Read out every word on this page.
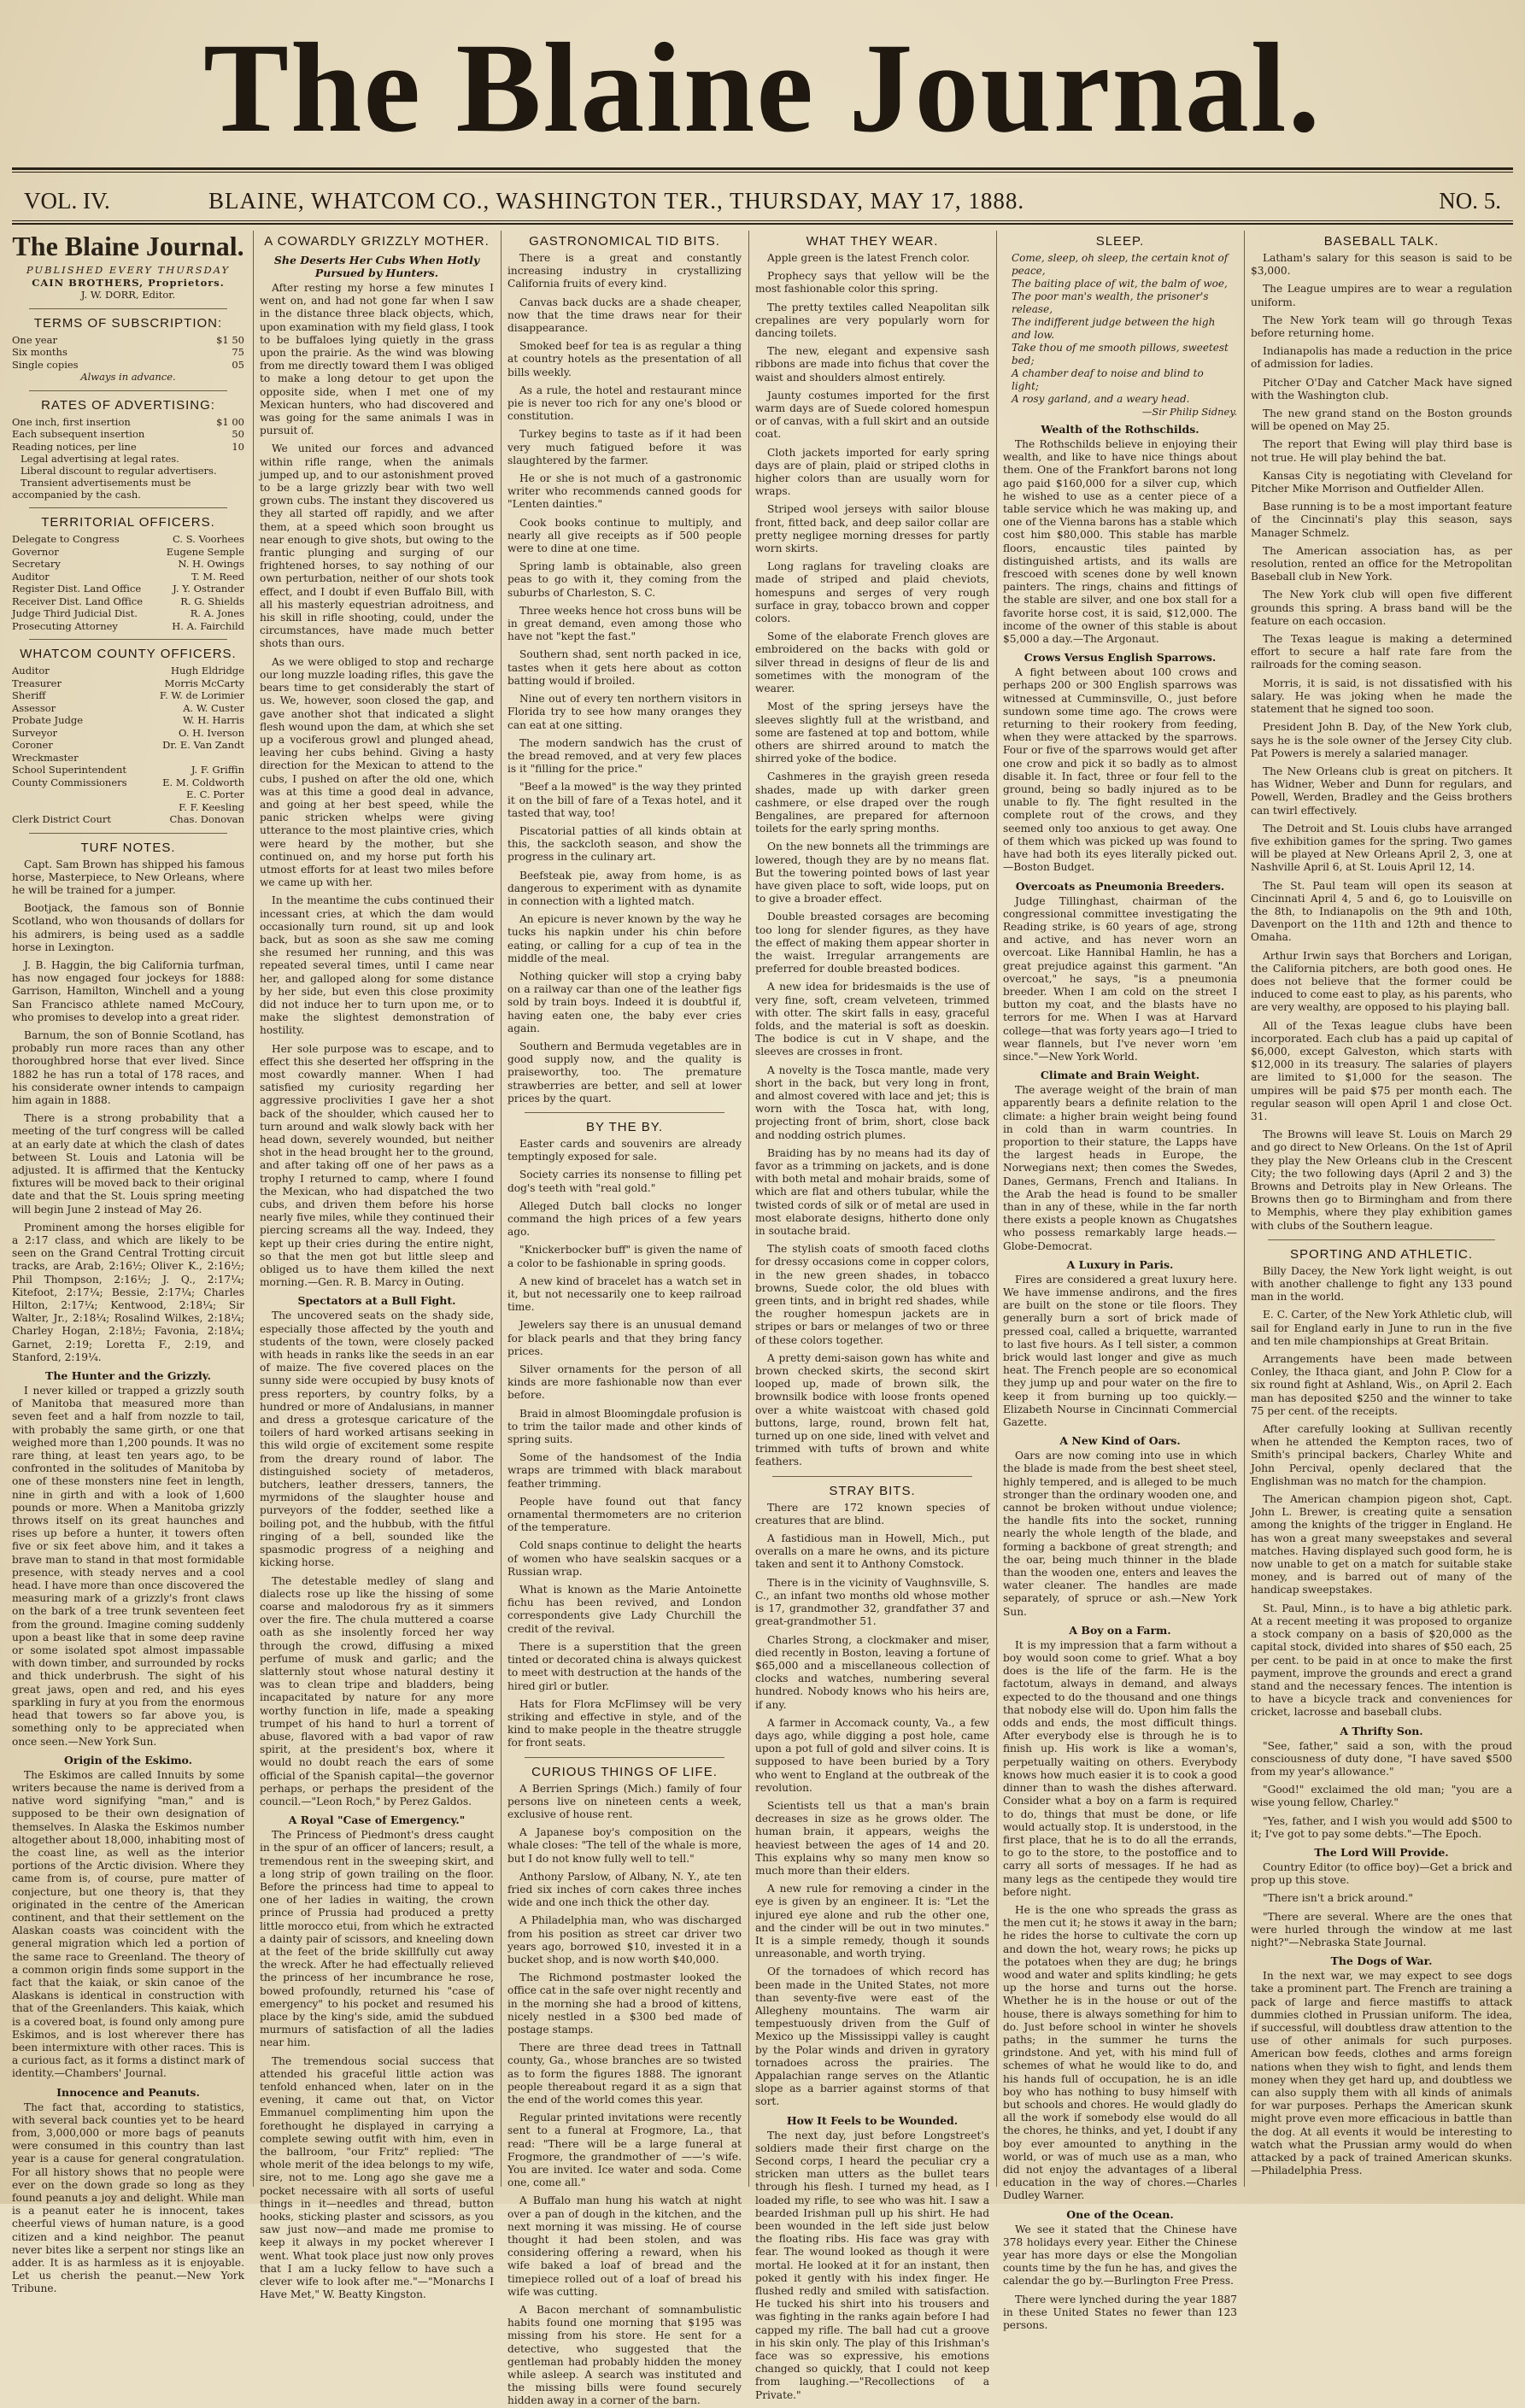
The Blaine Journal.
VOL. IV.	BLAINE, WHATCOM CO., WASHINGTON TER., THURSDAY, MAY 17, 1888.	NO. 5.
The Blaine Journal.
PUBLISHED EVERY THURSDAY
CAIN BROTHERS, Proprietors.
J. W. DORR, Editor.
TERMS OF SUBSCRIPTION:
One year	$1 50
Six months	75
Single copies	05
Always in advance.
RATES OF ADVERTISING:
One inch, first insertion	$1 00
Each subsequent insertion	50
Reading notices, per line	10
Legal advertising at legal rates.
Liberal discount to regular advertisers.
Transient advertisements must be accompanied by the cash.
TERRITORIAL OFFICERS.
Delegate to Congress	C. S. Voorhees
Governor	Eugene Semple
Secretary	N. H. Owings
Auditor	T. M. Reed
Register Dist. Land Office	J. Y. Ostrander
Receiver Dist. Land Office	R. G. Shields
Judge Third Judicial Dist.	R. A. Jones
Prosecuting Attorney	H. A. Fairchild
WHATCOM COUNTY OFFICERS.
Auditor	Hugh Eldridge
Treasurer	Morris McCarty
Sheriff	F. W. de Lorimier
Assessor	A. W. Custer
Probate Judge	W. H. Harris
Surveyor	O. H. Iverson
Coroner	Dr. E. Van Zandt
Wreckmaster
School Superintendent	J. F. Griffin
County Commissioners	E. M. Coldworth
E. C. Porter
F. F. Keesling
Clerk District Court	Chas. Donovan
TURF NOTES.

Capt. Sam Brown has shipped his famous horse, Masterpiece, to New Orleans, where he will be trained for a jumper.

Bootjack, the famous son of Bonnie Scotland, who won thousands of dollars for his admirers, is being used as a saddle horse in Lexington.

J. B. Haggin, the big California turfman, has now engaged four jockeys for 1888: Garrison, Hamilton, Winchell and a young San Francisco athlete named McCoury, who promises to develop into a great rider.

Barnum, the son of Bonnie Scotland, has probably run more races than any other thoroughbred horse that ever lived. Since 1882 he has run a total of 178 races, and his considerate owner intends to campaign him again in 1888.

There is a strong probability that a meeting of the turf congress will be called at an early date at which the clash of dates between St. Louis and Latonia will be adjusted. It is affirmed that the Kentucky fixtures will be moved back to their original date and that the St. Louis spring meeting will begin June 2 instead of May 26.

Prominent among the horses eligible for a 2:17 class, and which are likely to be seen on the Grand Central Trotting circuit tracks, are Arab, 2:16½; Oliver K., 2:16½; Phil Thompson, 2:16½; J. Q., 2:17¼; Kitefoot, 2:17¼; Bessie, 2:17¼; Charles Hilton, 2:17¼; Kentwood, 2:18¼; Sir Walter, Jr., 2:18¼; Rosalind Wilkes, 2:18¼; Charley Hogan, 2:18½; Favonia, 2:18¼; Garnet, 2:19; Loretta F., 2:19, and Stanford, 2:19¼.

The Hunter and the Grizzly.

I never killed or trapped a grizzly south of Manitoba that measured more than seven feet and a half from nozzle to tail, with probably the same girth, or one that weighed more than 1,200 pounds. It was no rare thing, at least ten years ago, to be confronted in the solitudes of Manitoba by one of these monsters nine feet in length, nine in girth and with a look of 1,600 pounds or more. When a Manitoba grizzly throws itself on its great haunches and rises up before a hunter, it towers often five or six feet above him, and it takes a brave man to stand in that most formidable presence, with steady nerves and a cool head. I have more than once discovered the measuring mark of a grizzly's front claws on the bark of a tree trunk seventeen feet from the ground. Imagine coming suddenly upon a beast like that in some deep ravine or some isolated spot almost impassable with down timber, and surrounded by rocks and thick underbrush. The sight of his great jaws, open and red, and his eyes sparkling in fury at you from the enormous head that towers so far above you, is something only to be appreciated when once seen.—New York Sun.

Origin of the Eskimo.

The Eskimos are called Innuits by some writers because the name is derived from a native word signifying "man," and is supposed to be their own designation of themselves. In Alaska the Eskimos number altogether about 18,000, inhabiting most of the coast line, as well as the interior portions of the Arctic division. Where they came from is, of course, pure matter of conjecture, but one theory is, that they originated in the centre of the American continent, and that their settlement on the Alaskan coasts was coincident with the general migration which led a portion of the same race to Greenland. The theory of a common origin finds some support in the fact that the kaiak, or skin canoe of the Alaskans is identical in construction with that of the Greenlanders. This kaiak, which is a covered boat, is found only among pure Eskimos, and is lost wherever there has been intermixture with other races. This is a curious fact, as it forms a distinct mark of identity.—Chambers' Journal.

Innocence and Peanuts.

The fact that, according to statistics, with several back counties yet to be heard from, 3,000,000 or more bags of peanuts were consumed in this country than last year is a cause for general congratulation. For all history shows that no people were ever on the down grade so long as they found peanuts a joy and delight. While man is a peanut eater he is innocent, takes cheerful views of human nature, is a good citizen and a kind neighbor. The peanut never bites like a serpent nor stings like an adder. It is as harmless as it is enjoyable. Let us cherish the peanut.—New York Tribune.

A COWARDLY GRIZZLY MOTHER.
She Deserts Her Cubs When Hotly Pursued by Hunters.

After resting my horse a few minutes I went on, and had not gone far when I saw in the distance three black objects, which, upon examination with my field glass, I took to be buffaloes lying quietly in the grass upon the prairie. As the wind was blowing from me directly toward them I was obliged to make a long detour to get upon the opposite side, when I met one of my Mexican hunters, who had discovered and was going for the same animals I was in pursuit of.

We united our forces and advanced within rifle range, when the animals jumped up, and to our astonishment proved to be a large grizzly bear with two well grown cubs. The instant they discovered us they all started off rapidly, and we after them, at a speed which soon brought us near enough to give shots, but owing to the frantic plunging and surging of our frightened horses, to say nothing of our own perturbation, neither of our shots took effect, and I doubt if even Buffalo Bill, with all his masterly equestrian adroitness, and his skill in rifle shooting, could, under the circumstances, have made much better shots than ours.

As we were obliged to stop and recharge our long muzzle loading rifles, this gave the bears time to get considerably the start of us. We, however, soon closed the gap, and gave another shot that indicated a slight flesh wound upon the dam, at which she set up a vociferous growl and plunged ahead, leaving her cubs behind. Giving a hasty direction for the Mexican to attend to the cubs, I pushed on after the old one, which was at this time a good deal in advance, and going at her best speed, while the panic stricken whelps were giving utterance to the most plaintive cries, which were heard by the mother, but she continued on, and my horse put forth his utmost efforts for at least two miles before we came up with her.

In the meantime the cubs continued their incessant cries, at which the dam would occasionally turn round, sit up and look back, but as soon as she saw me coming she resumed her running, and this was repeated several times, until I came near her, and galloped along for some distance by her side, but even this close proximity did not induce her to turn upon me, or to make the slightest demonstration of hostility.

Her sole purpose was to escape, and to effect this she deserted her offspring in the most cowardly manner. When I had satisfied my curiosity regarding her aggressive proclivities I gave her a shot back of the shoulder, which caused her to turn around and walk slowly back with her head down, severely wounded, but neither shot in the head brought her to the ground, and after taking off one of her paws as a trophy I returned to camp, where I found the Mexican, who had dispatched the two cubs, and driven them before his horse nearly five miles, while they continued their piercing screams all the way. Indeed, they kept up their cries during the entire night, so that the men got but little sleep and obliged us to have them killed the next morning.—Gen. R. B. Marcy in Outing.

Spectators at a Bull Fight.

The uncovered seats on the shady side, especially those affected by the youth and students of the town, were closely packed with heads in ranks like the seeds in an ear of maize. The five covered places on the sunny side were occupied by busy knots of press reporters, by country folks, by a hundred or more of Andalusians, in manner and dress a grotesque caricature of the toilers of hard worked artisans seeking in this wild orgie of excitement some respite from the dreary round of labor. The distinguished society of metaderos, butchers, leather dressers, tanners, the myrmidons of the slaughter house and purveyors of the fodder, seethed like a boiling pot, and the hubbub, with the fitful ringing of a bell, sounded like the spasmodic progress of a neighing and kicking horse.

The detestable medley of slang and dialects rose up like the hissing of some coarse and malodorous fry as it simmers over the fire. The chula muttered a coarse oath as she insolently forced her way through the crowd, diffusing a mixed perfume of musk and garlic; and the slatternly stout whose natural destiny it was to clean tripe and bladders, being incapacitated by nature for any more worthy function in life, made a speaking trumpet of his hand to hurl a torrent of abuse, flavored with a bad vapor of raw spirit, at the president's box, where it would no doubt reach the ears of some official of the Spanish capital—the governor perhaps, or perhaps the president of the council.—"Leon Roch," by Perez Galdos.

A Royal "Case of Emergency."

The Princess of Piedmont's dress caught in the spur of an officer of lancers; result, a tremendous rent in the sweeping skirt, and a long strip of gown trailing on the floor. Before the princess had time to appeal to one of her ladies in waiting, the crown prince of Prussia had produced a pretty little morocco etui, from which he extracted a dainty pair of scissors, and kneeling down at the feet of the bride skillfully cut away the wreck. After he had effectually relieved the princess of her incumbrance he rose, bowed profoundly, returned his "case of emergency" to his pocket and resumed his place by the king's side, amid the subdued murmurs of satisfaction of all the ladies near him.

The tremendous social success that attended his graceful little action was tenfold enhanced when, later on in the evening, it came out that, on Victor Emmanuel complimenting him upon the forethought he displayed in carrying a complete sewing outfit with him, even in the ballroom, "our Fritz" replied: "The whole merit of the idea belongs to my wife, sire, not to me. Long ago she gave me a pocket necessaire with all sorts of useful things in it—needles and thread, button hooks, sticking plaster and scissors, as you saw just now—and made me promise to keep it always in my pocket wherever I went. What took place just now only proves that I am a lucky fellow to have such a clever wife to look after me."—"Monarchs I Have Met," W. Beatty Kingston.

GASTRONOMICAL TID BITS.

There is a great and constantly increasing industry in crystallizing California fruits of every kind.

Canvas back ducks are a shade cheaper, now that the time draws near for their disappearance.

Smoked beef for tea is as regular a thing at country hotels as the presentation of all bills weekly.

As a rule, the hotel and restaurant mince pie is never too rich for any one's blood or constitution.

Turkey begins to taste as if it had been very much fatigued before it was slaughtered by the farmer.

He or she is not much of a gastronomic writer who recommends canned goods for "Lenten dainties."

Cook books continue to multiply, and nearly all give receipts as if 500 people were to dine at one time.

Spring lamb is obtainable, also green peas to go with it, they coming from the suburbs of Charleston, S. C.

Three weeks hence hot cross buns will be in great demand, even among those who have not "kept the fast."

Southern shad, sent north packed in ice, tastes when it gets here about as cotton batting would if broiled.

Nine out of every ten northern visitors in Florida try to see how many oranges they can eat at one sitting.

The modern sandwich has the crust of the bread removed, and at very few places is it "filling for the price."

"Beef a la mowed" is the way they printed it on the bill of fare of a Texas hotel, and it tasted that way, too!

Piscatorial patties of all kinds obtain at this, the sackcloth season, and show the progress in the culinary art.

Beefsteak pie, away from home, is as dangerous to experiment with as dynamite in connection with a lighted match.

An epicure is never known by the way he tucks his napkin under his chin before eating, or calling for a cup of tea in the middle of the meal.

Nothing quicker will stop a crying baby on a railway car than one of the leather figs sold by train boys. Indeed it is doubtful if, having eaten one, the baby ever cries again.

Southern and Bermuda vegetables are in good supply now, and the quality is praiseworthy, too. The premature strawberries are better, and sell at lower prices by the quart.

BY THE BY.

Easter cards and souvenirs are already temptingly exposed for sale.

Society carries its nonsense to filling pet dog's teeth with "real gold."

Alleged Dutch ball clocks no longer command the high prices of a few years ago.

"Knickerbocker buff" is given the name of a color to be fashionable in spring goods.

A new kind of bracelet has a watch set in it, but not necessarily one to keep railroad time.

Jewelers say there is an unusual demand for black pearls and that they bring fancy prices.

Silver ornaments for the person of all kinds are more fashionable now than ever before.

Braid in almost Bloomingdale profusion is to trim the tailor made and other kinds of spring suits.

Some of the handsomest of the India wraps are trimmed with black marabout feather trimming.

People have found out that fancy ornamental thermometers are no criterion of the temperature.

Cold snaps continue to delight the hearts of women who have sealskin sacques or a Russian wrap.

What is known as the Marie Antoinette fichu has been revived, and London correspondents give Lady Churchill the credit of the revival.

There is a superstition that the green tinted or decorated china is always quickest to meet with destruction at the hands of the hired girl or butler.

Hats for Flora McFlimsey will be very striking and effective in style, and of the kind to make people in the theatre struggle for front seats.

CURIOUS THINGS OF LIFE.

A Berrien Springs (Mich.) family of four persons live on nineteen cents a week, exclusive of house rent.

A Japanese boy's composition on the whale closes: "The tell of the whale is more, but I do not know fully well to tell."

Anthony Parslow, of Albany, N. Y., ate ten fried six inches of corn cakes three inches wide and one inch thick the other day.

A Philadelphia man, who was discharged from his position as street car driver two years ago, borrowed $10, invested it in a bucket shop, and is now worth $40,000.

The Richmond postmaster looked the office cat in the safe over night recently and in the morning she had a brood of kittens, nicely nestled in a $300 bed made of postage stamps.

There are three dead trees in Tattnall county, Ga., whose branches are so twisted as to form the figures 1888. The ignorant people thereabout regard it as a sign that the end of the world comes this year.

Regular printed invitations were recently sent to a funeral at Frogmore, La., that read: "There will be a large funeral at Frogmore, the grandmother of ——'s wife. You are invited. Ice water and soda. Come one, come all."

A Buffalo man hung his watch at night over a pan of dough in the kitchen, and the next morning it was missing. He of course thought it had been stolen, and was considering offering a reward, when his wife baked a loaf of bread and the timepiece rolled out of a loaf of bread his wife was cutting.

A Bacon merchant of somnambulistic habits found one morning that $195 was missing from his store. He sent for a detective, who suggested that the gentleman had probably hidden the money while asleep. A search was instituted and the missing bills were found securely hidden away in a corner of the barn.

WHAT THEY WEAR.

Apple green is the latest French color.

Prophecy says that yellow will be the most fashionable color this spring.

The pretty textiles called Neapolitan silk crepalines are very popularly worn for dancing toilets.

The new, elegant and expensive sash ribbons are made into fichus that cover the waist and shoulders almost entirely.

Jaunty costumes imported for the first warm days are of Suede colored homespun or of canvas, with a full skirt and an outside coat.

Cloth jackets imported for early spring days are of plain, plaid or striped cloths in higher colors than are usually worn for wraps.

Striped wool jerseys with sailor blouse front, fitted back, and deep sailor collar are pretty negligee morning dresses for partly worn skirts.

Long raglans for traveling cloaks are made of striped and plaid cheviots, homespuns and serges of very rough surface in gray, tobacco brown and copper colors.

Some of the elaborate French gloves are embroidered on the backs with gold or silver thread in designs of fleur de lis and sometimes with the monogram of the wearer.

Most of the spring jerseys have the sleeves slightly full at the wristband, and some are fastened at top and bottom, while others are shirred around to match the shirred yoke of the bodice.

Cashmeres in the grayish green reseda shades, made up with darker green cashmere, or else draped over the rough Bengalines, are prepared for afternoon toilets for the early spring months.

On the new bonnets all the trimmings are lowered, though they are by no means flat. But the towering pointed bows of last year have given place to soft, wide loops, put on to give a broader effect.

Double breasted corsages are becoming too long for slender figures, as they have the effect of making them appear shorter in the waist. Irregular arrangements are preferred for double breasted bodices.

A new idea for bridesmaids is the use of very fine, soft, cream velveteen, trimmed with otter. The skirt falls in easy, graceful folds, and the material is soft as doeskin. The bodice is cut in V shape, and the sleeves are crosses in front.

A novelty is the Tosca mantle, made very short in the back, but very long in front, and almost covered with lace and jet; this is worn with the Tosca hat, with long, projecting front of brim, short, close back and nodding ostrich plumes.

Braiding has by no means had its day of favor as a trimming on jackets, and is done with both metal and mohair braids, some of which are flat and others tubular, while the twisted cords of silk or of metal are used in most elaborate designs, hitherto done only in soutache braid.

The stylish coats of smooth faced cloths for dressy occasions come in copper colors, in the new green shades, in tobacco browns, Suede color, the old blues with green tints, and in bright red shades, while the rougher homespun jackets are in stripes or bars or melanges of two or three of these colors together.

A pretty demi-saison gown has white and brown checked skirts, the second skirt looped up, made of brown silk, the brownsilk bodice with loose fronts opened over a white waistcoat with chased gold buttons, large, round, brown felt hat, turned up on one side, lined with velvet and trimmed with tufts of brown and white feathers.

STRAY BITS.

There are 172 known species of creatures that are blind.

A fastidious man in Howell, Mich., put overalls on a mare he owns, and its picture taken and sent it to Anthony Comstock.

There is in the vicinity of Vaughnsville, S. C., an infant two months old whose mother is 17, grandmother 32, grandfather 37 and great-grandmother 51.

Charles Strong, a clockmaker and miser, died recently in Boston, leaving a fortune of $65,000 and a miscellaneous collection of clocks and watches, numbering several hundred. Nobody knows who his heirs are, if any.

A farmer in Accomack county, Va., a few days ago, while digging a post hole, came upon a pot full of gold and silver coins. It is supposed to have been buried by a Tory who went to England at the outbreak of the revolution.

Scientists tell us that a man's brain decreases in size as he grows older. The human brain, it appears, weighs the heaviest between the ages of 14 and 20. This explains why so many men know so much more than their elders.

A new rule for removing a cinder in the eye is given by an engineer. It is: "Let the injured eye alone and rub the other one, and the cinder will be out in two minutes." It is a simple remedy, though it sounds unreasonable, and worth trying.

Of the tornadoes of which record has been made in the United States, not more than seventy-five were east of the Allegheny mountains. The warm air tempestuously driven from the Gulf of Mexico up the Mississippi valley is caught by the Polar winds and driven in gyratory tornadoes across the prairies. The Appalachian range serves on the Atlantic slope as a barrier against storms of that sort.

How It Feels to be Wounded.

The next day, just before Longstreet's soldiers made their first charge on the Second corps, I heard the peculiar cry a stricken man utters as the bullet tears through his flesh. I turned my head, as I loaded my rifle, to see who was hit. I saw a bearded Irishman pull up his shirt. He had been wounded in the left side just below the floating ribs. His face was gray with fear. The wound looked as though it were mortal. He looked at it for an instant, then poked it gently with his index finger. He flushed redly and smiled with satisfaction. He tucked his shirt into his trousers and was fighting in the ranks again before I had capped my rifle. The ball had cut a groove in his skin only. The play of this Irishman's face was so expressive, his emotions changed so quickly, that I could not keep from laughing.—"Recollections of a Private."

SLEEP.
Come, sleep, oh sleep, the certain knot of peace,
The baiting place of wit, the balm of woe,
The poor man's wealth, the prisoner's release,
The indifferent judge between the high and low.
Take thou of me smooth pillows, sweetest bed;
A chamber deaf to noise and blind to light;
A rosy garland, and a weary head.
—Sir Philip Sidney.
Wealth of the Rothschilds.

The Rothschilds believe in enjoying their wealth, and like to have nice things about them. One of the Frankfort barons not long ago paid $160,000 for a silver cup, which he wished to use as a center piece of a table service which he was making up, and one of the Vienna barons has a stable which cost him $80,000. This stable has marble floors, encaustic tiles painted by distinguished artists, and its walls are frescoed with scenes done by well known painters. The rings, chains and fittings of the stable are silver, and one box stall for a favorite horse cost, it is said, $12,000. The income of the owner of this stable is about $5,000 a day.—The Argonaut.

Crows Versus English Sparrows.

A fight between about 100 crows and perhaps 200 or 300 English sparrows was witnessed at Cumminsville, O., just before sundown some time ago. The crows were returning to their rookery from feeding, when they were attacked by the sparrows. Four or five of the sparrows would get after one crow and pick it so badly as to almost disable it. In fact, three or four fell to the ground, being so badly injured as to be unable to fly. The fight resulted in the complete rout of the crows, and they seemed only too anxious to get away. One of them which was picked up was found to have had both its eyes literally picked out.—Boston Budget.

Overcoats as Pneumonia Breeders.

Judge Tillinghast, chairman of the congressional committee investigating the Reading strike, is 60 years of age, strong and active, and has never worn an overcoat. Like Hannibal Hamlin, he has a great prejudice against this garment. "An overcoat," he says, "is a pneumonia breeder. When I am cold on the street I button my coat, and the blasts have no terrors for me. When I was at Harvard college—that was forty years ago—I tried to wear flannels, but I've never worn 'em since."—New York World.

Climate and Brain Weight.

The average weight of the brain of man apparently bears a definite relation to the climate: a higher brain weight being found in cold than in warm countries. In proportion to their stature, the Lapps have the largest heads in Europe, the Norwegians next; then comes the Swedes, Danes, Germans, French and Italians. In the Arab the head is found to be smaller than in any of these, while in the far north there exists a people known as Chugatshes who possess remarkably large heads.—Globe-Democrat.

A Luxury in Paris.

Fires are considered a great luxury here. We have immense andirons, and the fires are built on the stone or tile floors. They generally burn a sort of brick made of pressed coal, called a briquette, warranted to last five hours. As I tell sister, a common brick would last longer and give as much heat. The French people are so economical they jump up and pour water on the fire to keep it from burning up too quickly.—Elizabeth Nourse in Cincinnati Commercial Gazette.

A New Kind of Oars.

Oars are now coming into use in which the blade is made from the best sheet steel, highly tempered, and is alleged to be much stronger than the ordinary wooden one, and cannot be broken without undue violence; the handle fits into the socket, running nearly the whole length of the blade, and forming a backbone of great strength; and the oar, being much thinner in the blade than the wooden one, enters and leaves the water cleaner. The handles are made separately, of spruce or ash.—New York Sun.

A Boy on a Farm.

It is my impression that a farm without a boy would soon come to grief. What a boy does is the life of the farm. He is the factotum, always in demand, and always expected to do the thousand and one things that nobody else will do. Upon him falls the odds and ends, the most difficult things. After everybody else is through he is to finish up. His work is like a woman's, perpetually waiting on others. Everybody knows how much easier it is to cook a good dinner than to wash the dishes afterward. Consider what a boy on a farm is required to do, things that must be done, or life would actually stop. It is understood, in the first place, that he is to do all the errands, to go to the store, to the postoffice and to carry all sorts of messages. If he had as many legs as the centipede they would tire before night.

He is the one who spreads the grass as the men cut it; he stows it away in the barn; he rides the horse to cultivate the corn up and down the hot, weary rows; he picks up the potatoes when they are dug; he brings wood and water and splits kindling; he gets up the horse and turns out the horse. Whether he is in the house or out of the house, there is always something for him to do. Just before school in winter he shovels paths; in the summer he turns the grindstone. And yet, with his mind full of schemes of what he would like to do, and his hands full of occupation, he is an idle boy who has nothing to busy himself with but schools and chores. He would gladly do all the work if somebody else would do all the chores, he thinks, and yet, I doubt if any boy ever amounted to anything in the world, or was of much use as a man, who did not enjoy the advantages of a liberal education in the way of chores.—Charles Dudley Warner.

One of the Ocean.

We see it stated that the Chinese have 378 holidays every year. Either the Chinese year has more days or else the Mongolian counts time by the fun he has, and gives the calendar the go by.—Burlington Free Press.

There were lynched during the year 1887 in these United States no fewer than 123 persons.

BASEBALL TALK.

Latham's salary for this season is said to be $3,000.

The League umpires are to wear a regulation uniform.

The New York team will go through Texas before returning home.

Indianapolis has made a reduction in the price of admission for ladies.

Pitcher O'Day and Catcher Mack have signed with the Washington club.

The new grand stand on the Boston grounds will be opened on May 25.

The report that Ewing will play third base is not true. He will play behind the bat.

Kansas City is negotiating with Cleveland for Pitcher Mike Morrison and Outfielder Allen.

Base running is to be a most important feature of the Cincinnati's play this season, says Manager Schmelz.

The American association has, as per resolution, rented an office for the Metropolitan Baseball club in New York.

The New York club will open five different grounds this spring. A brass band will be the feature on each occasion.

The Texas league is making a determined effort to secure a half rate fare from the railroads for the coming season.

Morris, it is said, is not dissatisfied with his salary. He was joking when he made the statement that he signed too soon.

President John B. Day, of the New York club, says he is the sole owner of the Jersey City club. Pat Powers is merely a salaried manager.

The New Orleans club is great on pitchers. It has Widner, Weber and Dunn for regulars, and Powell, Werden, Bradley and the Geiss brothers can twirl effectively.

The Detroit and St. Louis clubs have arranged five exhibition games for the spring. Two games will be played at New Orleans April 2, 3, one at Nashville April 6, at St. Louis April 12, 14.

The St. Paul team will open its season at Cincinnati April 4, 5 and 6, go to Louisville on the 8th, to Indianapolis on the 9th and 10th, Davenport on the 11th and 12th and thence to Omaha.

Arthur Irwin says that Borchers and Lorigan, the California pitchers, are both good ones. He does not believe that the former could be induced to come east to play, as his parents, who are very wealthy, are opposed to his playing ball.

All of the Texas league clubs have been incorporated. Each club has a paid up capital of $6,000, except Galveston, which starts with $12,000 in its treasury. The salaries of players are limited to $1,000 for the season. The umpires will be paid $75 per month each. The regular season will open April 1 and close Oct. 31.

The Browns will leave St. Louis on March 29 and go direct to New Orleans. On the 1st of April they play the New Orleans club in the Crescent City; the two following days (April 2 and 3) the Browns and Detroits play in New Orleans. The Browns then go to Birmingham and from there to Memphis, where they play exhibition games with clubs of the Southern league.

SPORTING AND ATHLETIC.

Billy Dacey, the New York light weight, is out with another challenge to fight any 133 pound man in the world.

E. C. Carter, of the New York Athletic club, will sail for England early in June to run in the five and ten mile championships at Great Britain.

Arrangements have been made between Conley, the Ithaca giant, and John P. Clow for a six round fight at Ashland, Wis., on April 2. Each man has deposited $250 and the winner to take 75 per cent. of the receipts.

After carefully looking at Sullivan recently when he attended the Kempton races, two of Smith's principal backers, Charley White and John Percival, openly declared that the Englishman was no match for the champion.

The American champion pigeon shot, Capt. John L. Brewer, is creating quite a sensation among the knights of the trigger in England. He has won a great many sweepstakes and several matches. Having displayed such good form, he is now unable to get on a match for suitable stake money, and is barred out of many of the handicap sweepstakes.

St. Paul, Minn., is to have a big athletic park. At a recent meeting it was proposed to organize a stock company on a basis of $20,000 as the capital stock, divided into shares of $50 each, 25 per cent. to be paid in at once to make the first payment, improve the grounds and erect a grand stand and the necessary fences. The intention is to have a bicycle track and conveniences for cricket, lacrosse and baseball clubs.

A Thrifty Son.

"See, father," said a son, with the proud consciousness of duty done, "I have saved $500 from my year's allowance."

"Good!" exclaimed the old man; "you are a wise young fellow, Charley."

"Yes, father, and I wish you would add $500 to it; I've got to pay some debts."—The Epoch.

The Lord Will Provide.

Country Editor (to office boy)—Get a brick and prop up this stove.

"There isn't a brick around."

"There are several. Where are the ones that were hurled through the window at me last night?"—Nebraska State Journal.

The Dogs of War.

In the next war, we may expect to see dogs take a prominent part. The French are training a pack of large and fierce mastiffs to attack dummies clothed in Prussian uniform. The idea, if successful, will doubtless draw attention to the use of other animals for such purposes. American bow feeds, clothes and arms foreign nations when they wish to fight, and lends them money when they get hard up, and doubtless we can also supply them with all kinds of animals for war purposes. Perhaps the American skunk might prove even more efficacious in battle than the dog. At all events it would be interesting to watch what the Prussian army would do when attacked by a pack of trained American skunks.—Philadelphia Press.
